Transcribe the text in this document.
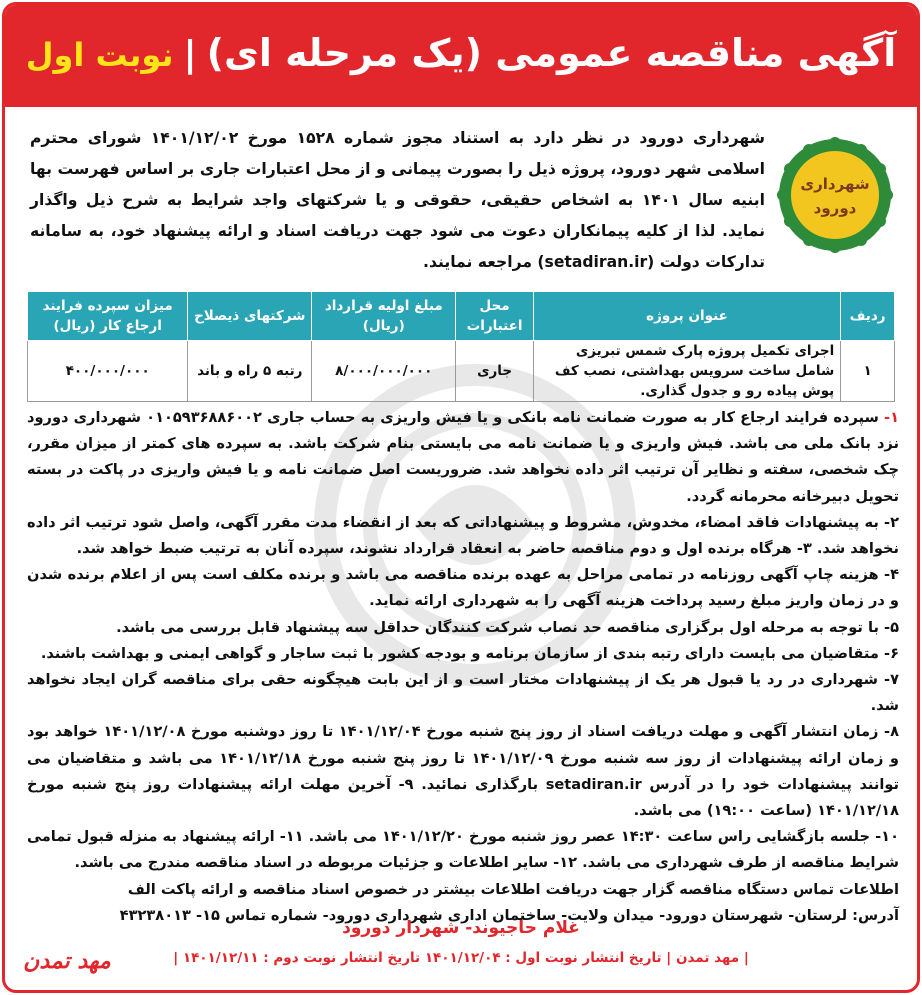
آگهی مناقصه عمومی (یک مرحله ای)|نوبت اول
شهرداری
دورود
شهرداری دورود در نظر دارد به استناد مجوز شماره ۱۵۲۸ مورخ ۱۴۰۱/۱۲/۰۲ شورای محترم اسلامی شهر دورود، پروژه ذیل را بصورت پیمانی و از محل اعتبارات جاری بر اساس فهرست بها ابنیه سال ۱۴۰۱ به اشخاص حقیقی، حقوقی و یا شرکتهای واجد شرایط به شرح ذیل واگذار نماید. لذا از کلیه پیمانکاران دعوت می شود جهت دریافت اسناد و ارائه پیشنهاد خود، به سامانه تدارکات دولت (setadiran.ir) مراجعه نمایند.
ردیف	عنوان پروژه	محل اعتبارات	مبلغ اولیه قرارداد (ریال)	شرکتهای ذیصلاح	میزان سپرده فرایند ارجاع کار (ریال)
۱	اجرای تکمیل پروژه پارک شمس تبریزی شامل ساخت سرویس بهداشتی، نصب کف پوش پیاده رو و جدول گذاری.	جاری	۸/۰۰۰/۰۰۰/۰۰۰	رتبه ۵ راه و باند	۴۰۰/۰۰۰/۰۰۰

۱- سپرده فرایند ارجاع کار به صورت ضمانت نامه بانکی و یا فیش واریزی به حساب جاری ۰۱۰۵۹۳۶۸۸۶۰۰۲ شهرداری دورود نزد بانک ملی می باشد. فیش واریزی و یا ضمانت نامه می بایستی بنام شرکت باشد. به سپرده های کمتر از میزان مقرر، چک شخصی، سفته و نظایر آن ترتیب اثر داده نخواهد شد. ضروریست اصل ضمانت نامه و یا فیش واریزی در پاکت در بسته تحویل دبیرخانه محرمانه گردد.

۲- به پیشنهادات فاقد امضاء، مخدوش، مشروط و پیشنهاداتی که بعد از انقضاء مدت مقرر آگهی، واصل شود ترتیب اثر داده نخواهد شد. ۳- هرگاه برنده اول و دوم مناقصه حاضر به انعقاد قرارداد نشوند، سپرده آنان به ترتیب ضبط خواهد شد.

۴- هزینه چاپ آگهی روزنامه در تمامی مراحل به عهده برنده مناقصه می باشد و برنده مکلف است پس از اعلام برنده شدن و در زمان واریز مبلغ رسید پرداخت هزینه آگهی را به شهرداری ارائه نماید.

۵- با توجه به مرحله اول برگزاری مناقصه حد نصاب شرکت کنندگان حداقل سه پیشنهاد قابل بررسی می باشد.

۶- متقاضیان می بایست دارای رتبه بندی از سازمان برنامه و بودجه کشور با ثبت ساجار و گواهی ایمنی و بهداشت باشند.

۷- شهرداری در رد یا قبول هر یک از پیشنهادات مختار است و از این بابت هیچگونه حقی برای مناقصه گران ایجاد نخواهد شد.

۸- زمان انتشار آگهی و مهلت دریافت اسناد از روز پنج شنبه مورخ ۱۴۰۱/۱۲/۰۴ تا روز دوشنبه مورخ ۱۴۰۱/۱۲/۰۸ خواهد بود و زمان ارائه پیشنهادات از روز سه شنبه مورخ ۱۴۰۱/۱۲/۰۹ تا روز پنج شنبه مورخ ۱۴۰۱/۱۲/۱۸ می باشد و متقاضیان می توانند پیشنهادات خود را در آدرس setadiran.ir بارگذاری نمائید. ۹- آخرین مهلت ارائه پیشنهادات روز پنج شنبه مورخ ۱۴۰۱/۱۲/۱۸ (ساعت ۱۹:۰۰) می باشد.

۱۰- جلسه بازگشایی راس ساعت ۱۴:۳۰ عصر روز شنبه مورخ ۱۴۰۱/۱۲/۲۰ می باشد. ۱۱- ارائه پیشنهاد به منزله قبول تمامی شرایط مناقصه از طرف شهرداری می باشد. ۱۲- سایر اطلاعات و جزئیات مربوطه در اسناد مناقصه مندرج می باشد.

اطلاعات تماس دستگاه مناقصه گزار جهت دریافت اطلاعات بیشتر در خصوص اسناد مناقصه و ارائه پاکت الف

آدرس: لرستان- شهرستان دورود- میدان ولایت- ساختمان اداری شهرداری دورود- شماره تماس ۱۵- ۴۳۲۳۸۰۱۳

غلام حاجیوند- شهردار دورود
| مهد تمدن | تاریخ انتشار نوبت اول : ۱۴۰۱/۱۲/۰۴ تاریخ انتشار نوبت دوم : ۱۴۰۱/۱۲/۱۱ |
مهد تمدن
